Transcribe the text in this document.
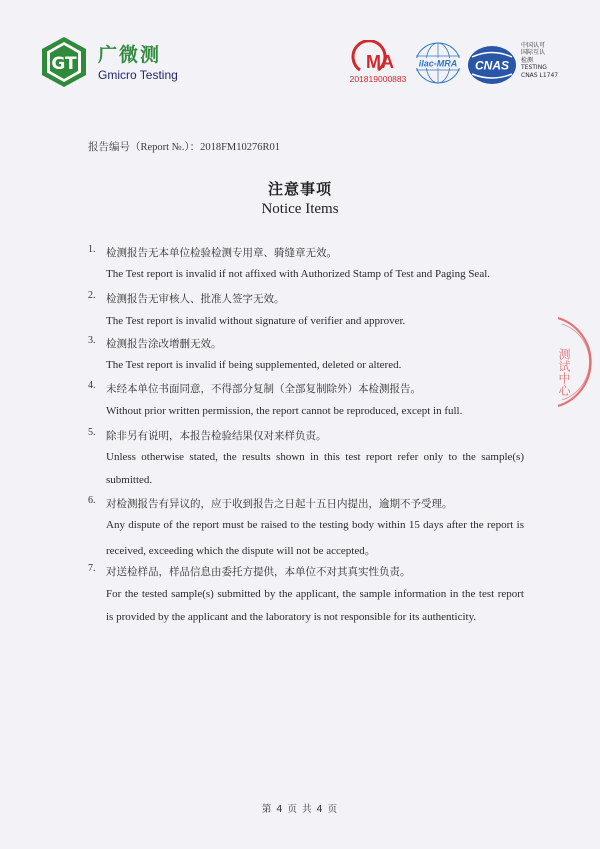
GT 广微测
Gmicro Testing
MA
201819000883
ilac-MRA CNAS
中国认可
国际互认
检测
TESTING
CNAS L1747
报告编号（Report №.）：2018FM10276R01
注意事项
Notice Items
1. 检测报告无本单位检验检测专用章、骑缝章无效。
The Test report is invalid if not affixed with Authorized Stamp of Test and Paging Seal.
2. 检测报告无审核人、批准人签字无效。
The Test report is invalid without signature of verifier and approver.
3. 检测报告涂改增删无效。
The Test report is invalid if being supplemented, deleted or altered.
4. 未经本单位书面同意，不得部分复制（全部复制除外）本检测报告。
Without prior written permission, the report cannot be reproduced, except in full.
5. 除非另有说明，本报告检验结果仅对来样负责。
Unless otherwise stated, the results shown in this test report refer only to the sample(s)
submitted.
6. 对检测报告有异议的，应于收到报告之日起十五日内提出，逾期不予受理。
Any dispute of the report must be raised to the testing body within 15 days after the report is
received, exceeding which the dispute will not be accepted。
7. 对送检样品，样品信息由委托方提供，本单位不对其真实性负责。
For the tested sample(s) submitted by the applicant, the sample information in the test report
is provided by the applicant and the laboratory is not responsible for its authenticity.
测试中心
第 4 页 共 4 页
